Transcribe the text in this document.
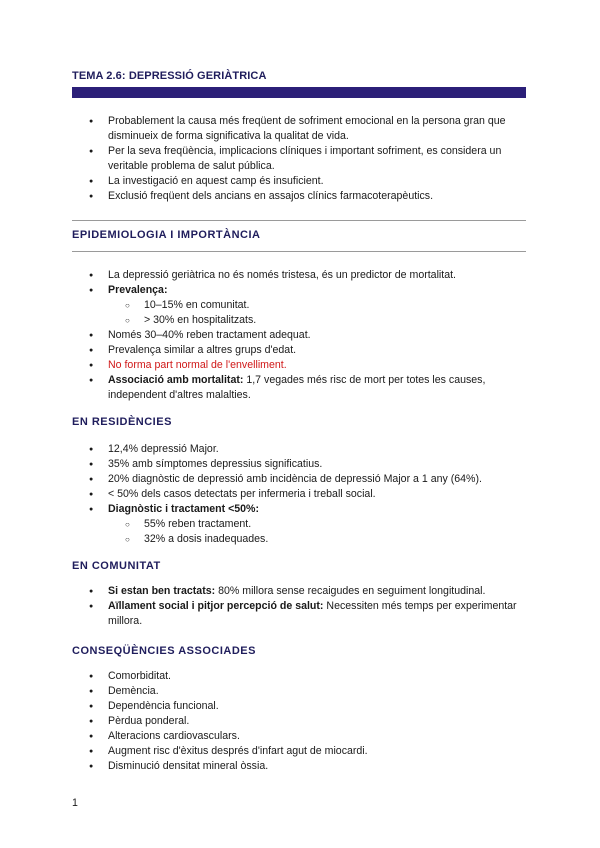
TEMA 2.6: DEPRESSIÓ GERIÀTRICA
● Probablement la causa més freqüent de sofriment emocional en la persona gran que disminueix de forma significativa la qualitat de vida.
● Per la seva freqüència, implicacions clíniques i important sofriment, es considera un veritable problema de salut pública.
● La investigació en aquest camp és insuficient.
● Exclusió freqüent dels ancians en assajos clínics farmacoterapèutics.
EPIDEMIOLOGIA I IMPORTÀNCIA
● La depressió geriàtrica no és només tristesa, és un predictor de mortalitat.
● Prevalença:
○ 10–15% en comunitat.
○ > 30% en hospitalitzats.
● Només 30–40% reben tractament adequat.
● Prevalença similar a altres grups d'edat.
● No forma part normal de l'envelliment.
● Associació amb mortalitat: 1,7 vegades més risc de mort per totes les causes, independent d'altres malalties.
EN RESIDÈNCIES
● 12,4% depressió Major.
● 35% amb símptomes depressius significatius.
● 20% diagnòstic de depressió amb incidència de depressió Major a 1 any (64%).
● < 50% dels casos detectats per infermeria i treball social.
● Diagnòstic i tractament <50%:
○ 55% reben tractament.
○ 32% a dosis inadequades.
EN COMUNITAT
● Si estan ben tractats: 80% millora sense recaigudes en seguiment longitudinal.
● Aïllament social i pitjor percepció de salut: Necessiten més temps per experimentar millora.
CONSEQÜÈNCIES ASSOCIADES
● Comorbiditat.
● Demència.
● Dependència funcional.
● Pèrdua ponderal.
● Alteracions cardiovasculars.
● Augment risc d'èxitus després d'infart agut de miocardi.
● Disminució densitat mineral òssia.
1
